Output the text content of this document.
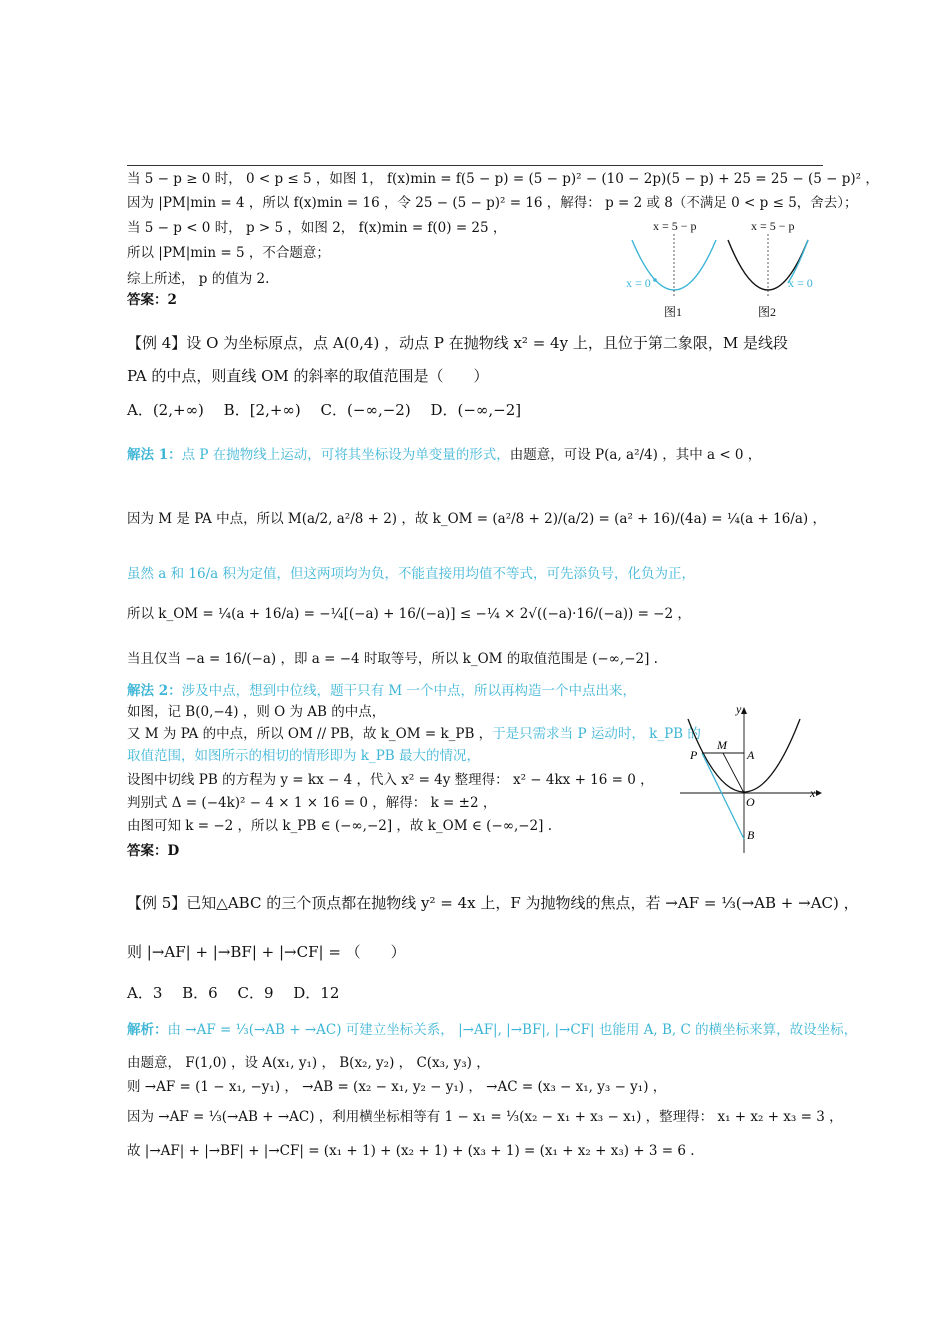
当 5 − p ≥ 0 时， 0 < p ≤ 5 ，如图 1， f(x)min = f(5 − p) = (5 − p)² − (10 − 2p)(5 − p) + 25 = 25 − (5 − p)² ，
因为 |PM|min = 4 ，所以 f(x)min = 16 ，令 25 − (5 − p)² = 16 ，解得： p = 2 或 8（不满足 0 < p ≤ 5，舍去）；
当 5 − p < 0 时， p > 5 ，如图 2， f(x)min = f(0) = 25 ，
所以 |PM|min = 5 ，不合题意；
综上所述， p 的值为 2.
答案：2
x = 5 − p
x = 0
图1
x = 5 − p
x = 0
图2
【例 4】设 O 为坐标原点，点 A(0,4) ，动点 P 在抛物线 x² = 4y 上，且位于第二象限，M 是线段
PA 的中点，则直线 OM 的斜率的取值范围是（　　）
A．(2,+∞)　 B．[2,+∞)　 C．(−∞,−2)　 D．(−∞,−2]
解法 1：点 P 在抛物线上运动，可将其坐标设为单变量的形式，由题意，可设 P(a, a²/4) ，其中 a < 0 ，
因为 M 是 PA 中点，所以 M(a/2, a²/8 + 2) ，故 k_OM = (a²/8 + 2)/(a/2) = (a² + 16)/(4a) = ¼(a + 16/a) ，
虽然 a 和 16/a 积为定值，但这两项均为负，不能直接用均值不等式，可先添负号，化负为正，
所以 k_OM = ¼(a + 16/a) = −¼[(−a) + 16/(−a)] ≤ −¼ × 2√((−a)·16/(−a)) = −2 ，
当且仅当 −a = 16/(−a) ，即 a = −4 时取等号，所以 k_OM 的取值范围是 (−∞,−2] .
解法 2：涉及中点，想到中位线，题干只有 M 一个中点，所以再构造一个中点出来，
如图，记 B(0,−4) ，则 O 为 AB 的中点，
又 M 为 PA 的中点，所以 OM // PB，故 k_OM = k_PB ，于是只需求当 P 运动时， k_PB 的
取值范围，如图所示的相切的情形即为 k_PB 最大的情况，
设图中切线 PB 的方程为 y = kx − 4 ，代入 x² = 4y 整理得： x² − 4kx + 16 = 0 ，
判别式 Δ = (−4k)² − 4 × 1 × 16 = 0 ，解得： k = ±2 ，
由图可知 k = −2 ，所以 k_PB ∈ (−∞,−2] ，故 k_OM ∈ (−∞,−2] .
答案：D
y
x
M
P	A
O
B
【例 5】已知△ABC 的三个顶点都在抛物线 y² = 4x 上，F 为抛物线的焦点，若 →AF = ⅓(→AB + →AC) ，
则 |→AF| + |→BF| + |→CF| = （　　）
A．3　 B．6　 C．9　 D．12
解析：由 →AF = ⅓(→AB + →AC) 可建立坐标关系， |→AF|, |→BF|, |→CF| 也能用 A, B, C 的横坐标来算，故设坐标，
由题意， F(1,0) ，设 A(x₁, y₁) ， B(x₂, y₂) ， C(x₃, y₃) ，
则 →AF = (1 − x₁, −y₁) ， →AB = (x₂ − x₁, y₂ − y₁) ， →AC = (x₃ − x₁, y₃ − y₁) ，
因为 →AF = ⅓(→AB + →AC) ，利用横坐标相等有 1 − x₁ = ⅓(x₂ − x₁ + x₃ − x₁) ，整理得： x₁ + x₂ + x₃ = 3 ，
故 |→AF| + |→BF| + |→CF| = (x₁ + 1) + (x₂ + 1) + (x₃ + 1) = (x₁ + x₂ + x₃) + 3 = 6 .
